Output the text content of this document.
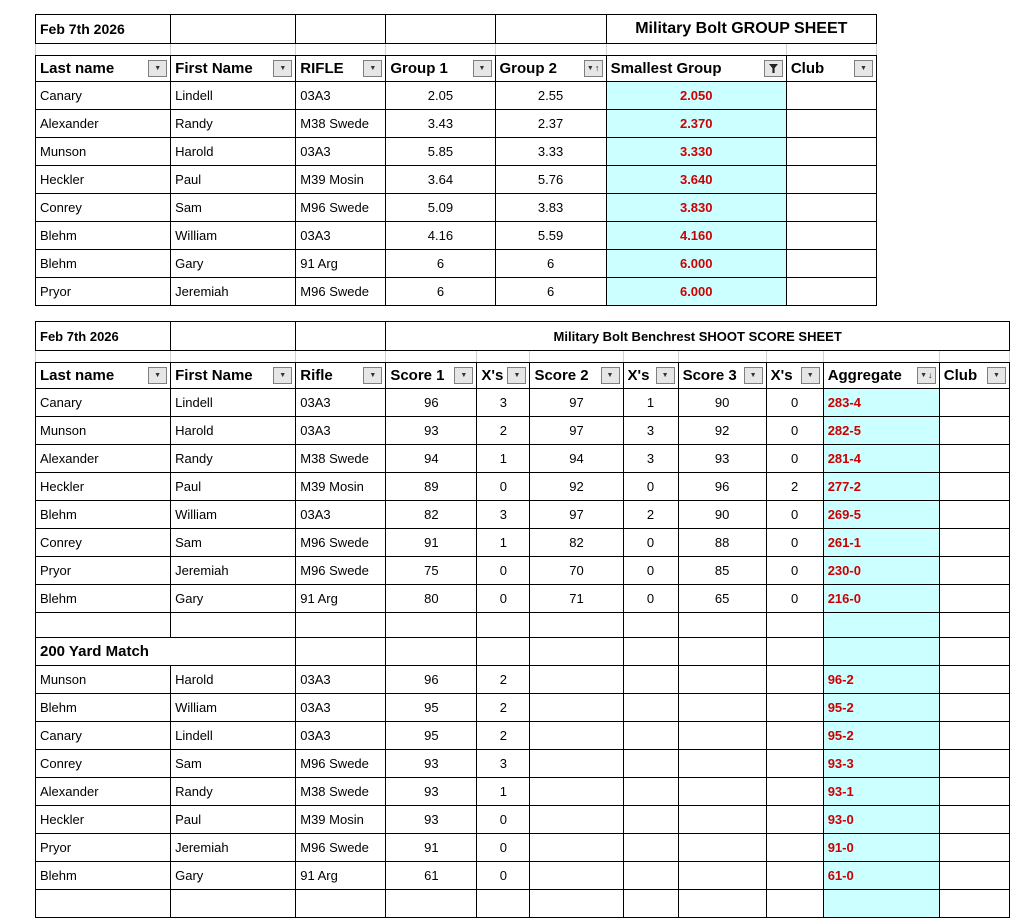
Feb 7th 2026					Military Bolt GROUP SHEET	

Last name ▼	First Name ▼	RIFLE ▼	Group 1 ▼	Group 2 ▼ ↑	Smallest Group	Club ▼

Canary	Lindell	03A3	2.05	2.55	2.050	
Alexander	Randy	M38 Swede	3.43	2.37	2.370	
Munson	Harold	03A3	5.85	3.33	3.330	
Heckler	Paul	M39 Mosin	3.64	5.76	3.640	
Conrey	Sam	M96 Swede	5.09	3.83	3.830	
Blehm	William	03A3	4.16	5.59	4.160	
Blehm	Gary	91 Arg	6	6	6.000	
Pryor	Jeremiah	M96 Swede	6	6	6.000	
Feb 7th 2026			Military Bolt Benchrest SHOOT SCORE SHEET							

Last name ▼	First Name ▼	Rifle ▼	Score 1 ▼	X's ▼	Score 2 ▼	X's ▼	Score 3 ▼	X's ▼	Aggregate ▼ ↓	Club ▼

Canary	Lindell	03A3	96	3	97	1	90	0	283-4	
Munson	Harold	03A3	93	2	97	3	92	0	282-5	
Alexander	Randy	M38 Swede	94	1	94	3	93	0	281-4	
Heckler	Paul	M39 Mosin	89	0	92	0	96	2	277-2	
Blehm	William	03A3	82	3	97	2	90	0	269-5	
Conrey	Sam	M96 Swede	91	1	82	0	88	0	261-1	
Pryor	Jeremiah	M96 Swede	75	0	70	0	85	0	230-0	
Blehm	Gary	91 Arg	80	0	71	0	65	0	216-0	

200 Yard Match										
Munson	Harold	03A3	96	2					96-2	
Blehm	William	03A3	95	2					95-2	
Canary	Lindell	03A3	95	2					95-2	
Conrey	Sam	M96 Swede	93	3					93-3	
Alexander	Randy	M38 Swede	93	1					93-1	
Heckler	Paul	M39 Mosin	93	0					93-0	
Pryor	Jeremiah	M96 Swede	91	0					91-0	
Blehm	Gary	91 Arg	61	0					61-0	
